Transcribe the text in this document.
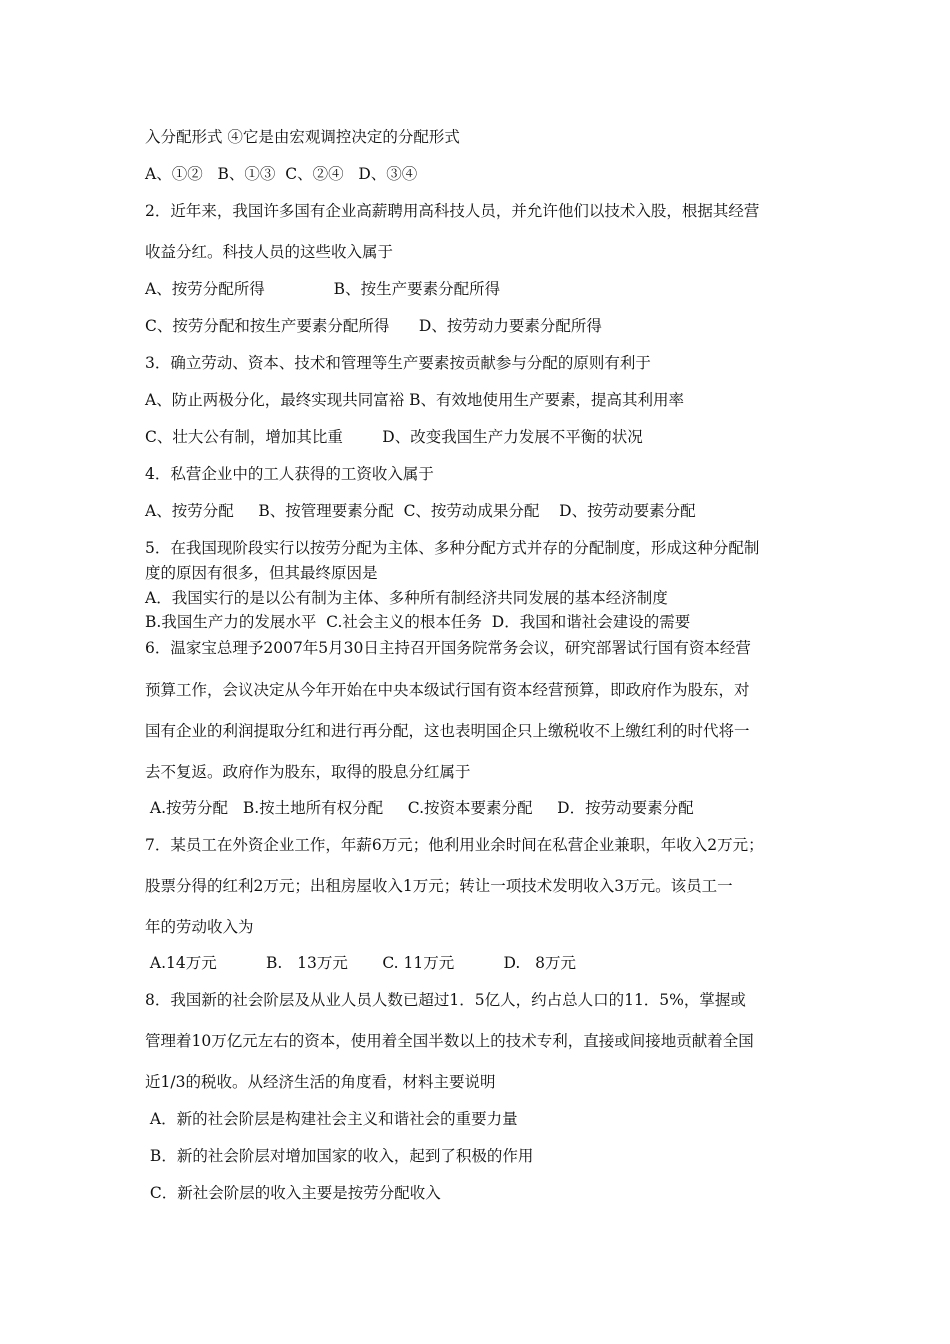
入分配形式 ④它是由宏观调控决定的分配形式
A、①②   B、①③  C、②④   D、③④
2．近年来，我国许多国有企业高薪聘用高科技人员，并允许他们以技术入股，根据其经营
收益分红。科技人员的这些收入属于
A、按劳分配所得              B、按生产要素分配所得
C、按劳分配和按生产要素分配所得      D、按劳动力要素分配所得
3．确立劳动、资本、技术和管理等生产要素按贡献参与分配的原则有利于
A、防止两极分化，最终实现共同富裕 B、有效地使用生产要素，提高其利用率
C、壮大公有制，增加其比重        D、改变我国生产力发展不平衡的状况
4．私营企业中的工人获得的工资收入属于
A、按劳分配     B、按管理要素分配  C、按劳动成果分配    D、按劳动要素分配
5．在我国现阶段实行以按劳分配为主体、多种分配方式并存的分配制度，形成这种分配制
度的原因有很多，但其最终原因是
A．我国实行的是以公有制为主体、多种所有制经济共同发展的基本经济制度
B.我国生产力的发展水平  C.社会主义的根本任务  D．我国和谐社会建设的需要
6．温家宝总理予2007年5月30日主持召开国务院常务会议，研究部署试行国有资本经营
预算工作，会议决定从今年开始在中央本级试行国有资本经营预算，即政府作为股东，对
国有企业的利润提取分红和进行再分配，这也表明国企只上缴税收不上缴红利的时代将一
去不复返。政府作为股东，取得的股息分红属于
A.按劳分配   B.按土地所有权分配     C.按资本要素分配     D．按劳动要素分配
7．某员工在外资企业工作，年薪6万元；他利用业余时间在私营企业兼职，年收入2万元；
股票分得的红利2万元；出租房屋收入1万元；转让一项技术发明收入3万元。该员工一
年的劳动收入为
A.14万元          B.   13万元       C. 11万元          D.   8万元
8．我国新的社会阶层及从业人员人数已超过1．5亿人，约占总人口的11．5%，掌握或
管理着10万亿元左右的资本，使用着全国半数以上的技术专利，直接或间接地贡献着全国
近1/3的税收。从经济生活的角度看，材料主要说明
A．新的社会阶层是构建社会主义和谐社会的重要力量
B．新的社会阶层对增加国家的收入，起到了积极的作用
C．新社会阶层的收入主要是按劳分配收入
